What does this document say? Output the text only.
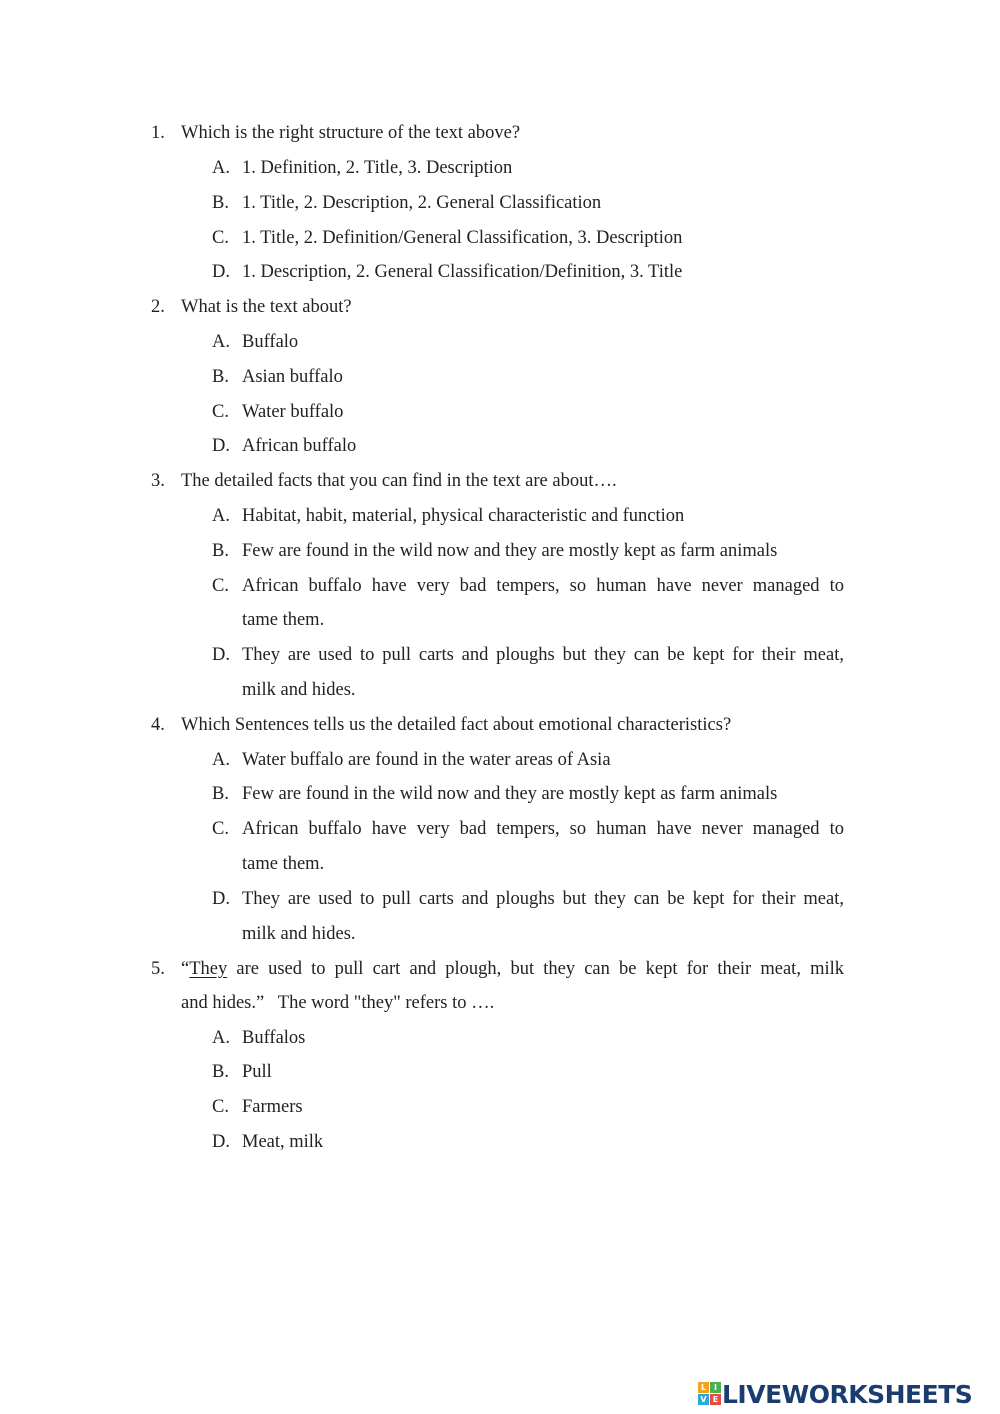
1. Which is the right structure of the text above?
A. 1. Definition, 2. Title, 3. Description
B. 1. Title, 2. Description, 2. General Classification
C. 1. Title, 2. Definition/General Classification, 3. Description
D. 1. Description, 2. General Classification/Definition, 3. Title
2. What is the text about?
A. Buffalo
B. Asian buffalo
C. Water buffalo
D. African buffalo
3. The detailed facts that you can find in the text are about….
A. Habitat, habit, material, physical characteristic and function
B. Few are found in the wild now and they are mostly kept as farm animals
C. African buffalo have very bad tempers, so human have never managed to
tame them.
D. They are used to pull carts and ploughs but they can be kept for their meat,
milk and hides.
4. Which Sentences tells us the detailed fact about emotional characteristics?
A. Water buffalo are found in the water areas of Asia
B. Few are found in the wild now and they are mostly kept as farm animals
C. African buffalo have very bad tempers, so human have never managed to
tame them.
D. They are used to pull carts and ploughs but they can be kept for their meat,
milk and hides.
5. “They are used to pull cart and plough, but they can be kept for their meat, milk
and hides.”   The word "they" refers to ….
A. Buffalos
B. Pull
C. Farmers
D. Meat, milk
L I
V E LIVEWORKSHEETS
